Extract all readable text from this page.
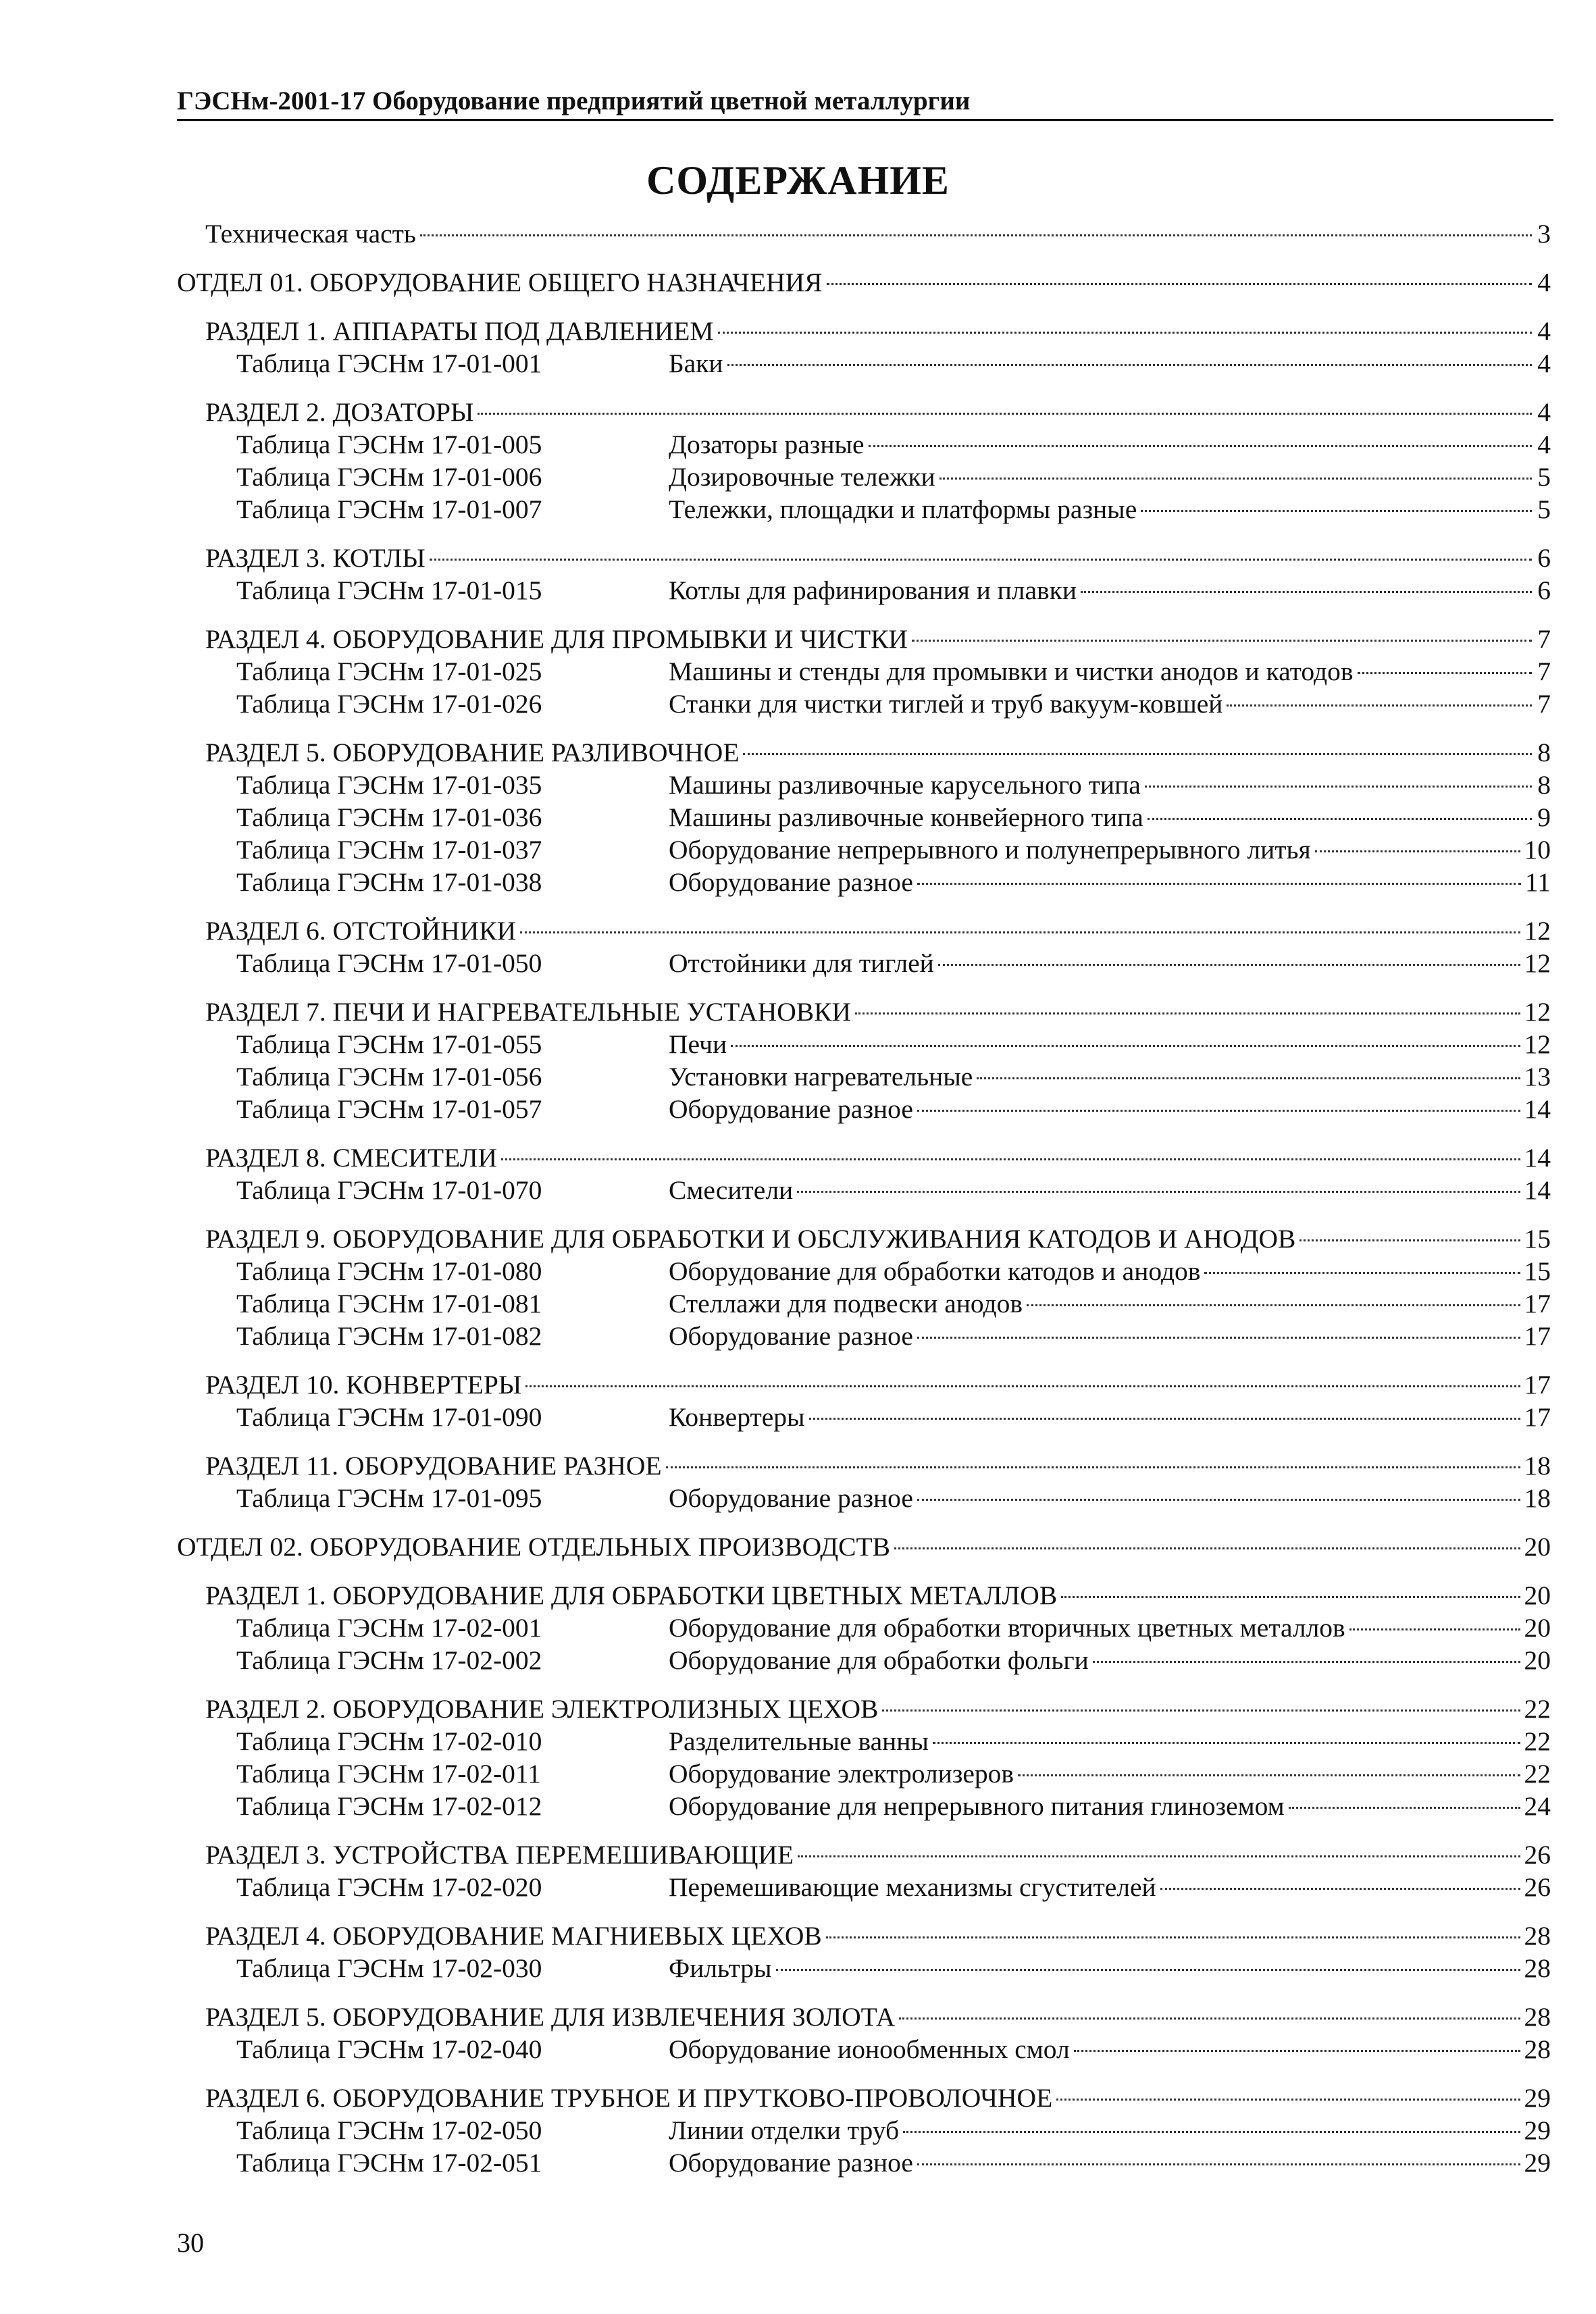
ГЭСНм-2001-17 Оборудование предприятий цветной металлургии
СОДЕРЖАНИЕ
Техническая часть	3
ОТДЕЛ 01. ОБОРУДОВАНИЕ ОБЩЕГО НАЗНАЧЕНИЯ	4
РАЗДЕЛ 1. АППАРАТЫ ПОД ДАВЛЕНИЕМ	4
Таблица ГЭСНм 17-01-001	Баки	4
РАЗДЕЛ 2. ДОЗАТОРЫ	4
Таблица ГЭСНм 17-01-005	Дозаторы разные	4
Таблица ГЭСНм 17-01-006	Дозировочные тележки	5
Таблица ГЭСНм 17-01-007	Тележки, площадки и платформы разные	5
РАЗДЕЛ 3. КОТЛЫ	6
Таблица ГЭСНм 17-01-015	Котлы для рафинирования и плавки	6
РАЗДЕЛ 4. ОБОРУДОВАНИЕ ДЛЯ ПРОМЫВКИ И ЧИСТКИ	7
Таблица ГЭСНм 17-01-025	Машины и стенды для промывки и чистки анодов и катодов	7
Таблица ГЭСНм 17-01-026	Станки для чистки тиглей и труб вакуум-ковшей	7
РАЗДЕЛ 5. ОБОРУДОВАНИЕ РАЗЛИВОЧНОЕ	8
Таблица ГЭСНм 17-01-035	Машины разливочные карусельного типа	8
Таблица ГЭСНм 17-01-036	Машины разливочные конвейерного типа	9
Таблица ГЭСНм 17-01-037	Оборудование непрерывного и полунепрерывного литья	10
Таблица ГЭСНм 17-01-038	Оборудование разное	11
РАЗДЕЛ 6. ОТСТОЙНИКИ	12
Таблица ГЭСНм 17-01-050	Отстойники для тиглей	12
РАЗДЕЛ 7. ПЕЧИ И НАГРЕВАТЕЛЬНЫЕ УСТАНОВКИ	12
Таблица ГЭСНм 17-01-055	Печи	12
Таблица ГЭСНм 17-01-056	Установки нагревательные	13
Таблица ГЭСНм 17-01-057	Оборудование разное	14
РАЗДЕЛ 8. СМЕСИТЕЛИ	14
Таблица ГЭСНм 17-01-070	Смесители	14
РАЗДЕЛ 9. ОБОРУДОВАНИЕ ДЛЯ ОБРАБОТКИ И ОБСЛУЖИВАНИЯ КАТОДОВ И АНОДОВ	15
Таблица ГЭСНм 17-01-080	Оборудование для обработки катодов и анодов	15
Таблица ГЭСНм 17-01-081	Стеллажи для подвески анодов	17
Таблица ГЭСНм 17-01-082	Оборудование разное	17
РАЗДЕЛ 10. КОНВЕРТЕРЫ	17
Таблица ГЭСНм 17-01-090	Конвертеры	17
РАЗДЕЛ 11. ОБОРУДОВАНИЕ РАЗНОЕ	18
Таблица ГЭСНм 17-01-095	Оборудование разное	18
ОТДЕЛ 02. ОБОРУДОВАНИЕ ОТДЕЛЬНЫХ ПРОИЗВОДСТВ	20
РАЗДЕЛ 1. ОБОРУДОВАНИЕ ДЛЯ ОБРАБОТКИ ЦВЕТНЫХ МЕТАЛЛОВ	20
Таблица ГЭСНм 17-02-001	Оборудование для обработки вторичных цветных металлов	20
Таблица ГЭСНм 17-02-002	Оборудование для обработки фольги	20
РАЗДЕЛ 2. ОБОРУДОВАНИЕ ЭЛЕКТРОЛИЗНЫХ ЦЕХОВ	22
Таблица ГЭСНм 17-02-010	Разделительные ванны	22
Таблица ГЭСНм 17-02-011	Оборудование электролизеров	22
Таблица ГЭСНм 17-02-012	Оборудование для непрерывного питания глиноземом	24
РАЗДЕЛ 3. УСТРОЙСТВА ПЕРЕМЕШИВАЮЩИЕ	26
Таблица ГЭСНм 17-02-020	Перемешивающие механизмы сгустителей	26
РАЗДЕЛ 4. ОБОРУДОВАНИЕ МАГНИЕВЫХ ЦЕХОВ	28
Таблица ГЭСНм 17-02-030	Фильтры	28
РАЗДЕЛ 5. ОБОРУДОВАНИЕ ДЛЯ ИЗВЛЕЧЕНИЯ ЗОЛОТА	28
Таблица ГЭСНм 17-02-040	Оборудование ионообменных смол	28
РАЗДЕЛ 6. ОБОРУДОВАНИЕ ТРУБНОЕ И ПРУТКОВО-ПРОВОЛОЧНОЕ	29
Таблица ГЭСНм 17-02-050	Линии отделки труб	29
Таблица ГЭСНм 17-02-051	Оборудование разное	29
30
